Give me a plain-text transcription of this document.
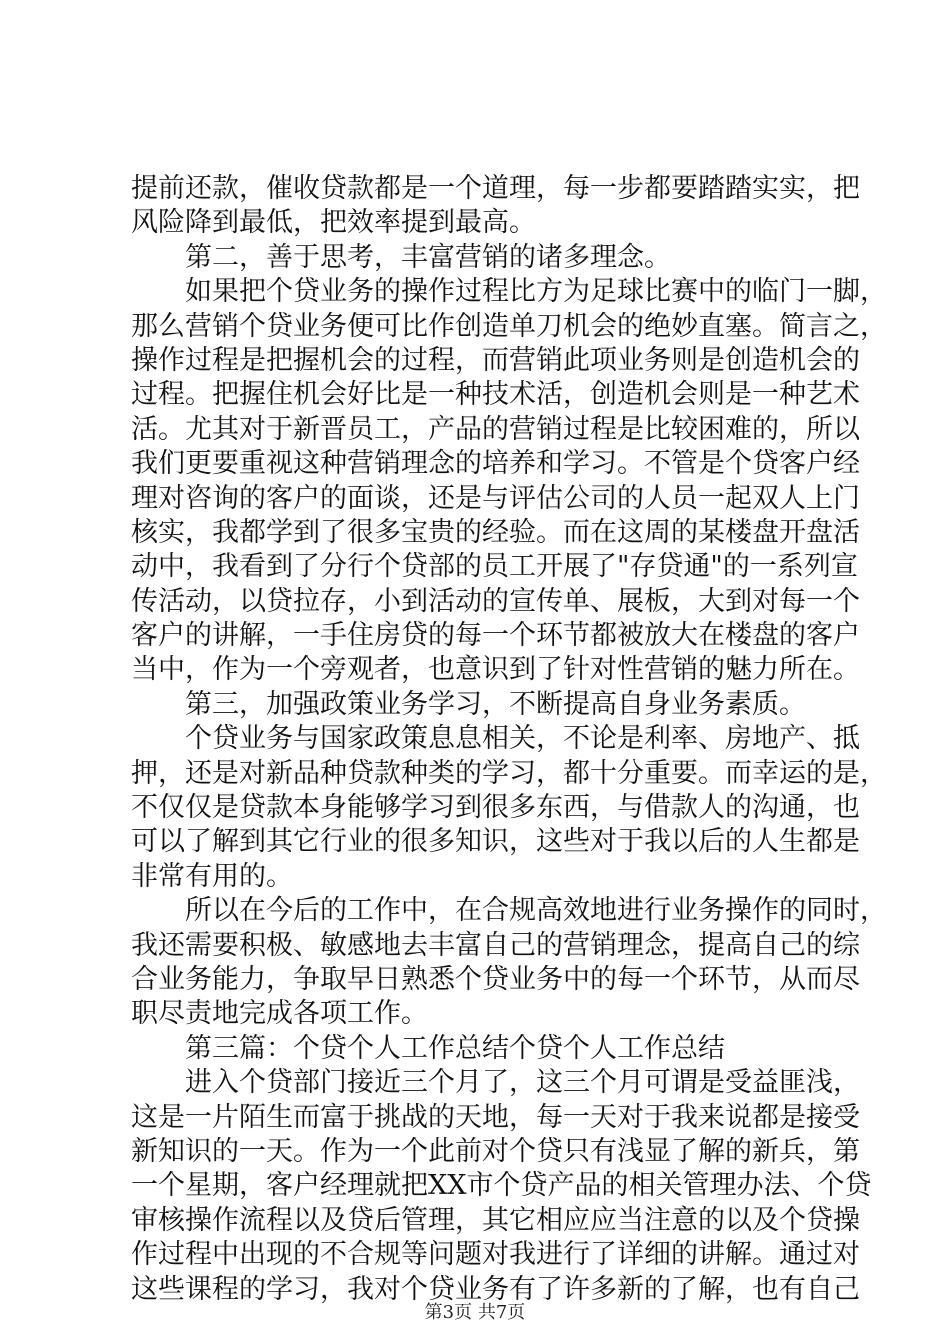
提前还款，催收贷款都是一个道理，每一步都要踏踏实实，把
风险降到最低，把效率提到最高。
第二，善于思考，丰富营销的诸多理念。
如果把个贷业务的操作过程比方为足球比赛中的临门一脚，
那么营销个贷业务便可比作创造单刀机会的绝妙直塞。简言之，
操作过程是把握机会的过程，而营销此项业务则是创造机会的
过程。把握住机会好比是一种技术活，创造机会则是一种艺术
活。尤其对于新晋员工，产品的营销过程是比较困难的，所以
我们更要重视这种营销理念的培养和学习。不管是个贷客户经
理对咨询的客户的面谈，还是与评估公司的人员一起双人上门
核实，我都学到了很多宝贵的经验。而在这周的某楼盘开盘活
动中，我看到了分行个贷部的员工开展了"存贷通"的一系列宣
传活动，以贷拉存，小到活动的宣传单、展板，大到对每一个
客户的讲解，一手住房贷的每一个环节都被放大在楼盘的客户
当中，作为一个旁观者，也意识到了针对性营销的魅力所在。
第三，加强政策业务学习，不断提高自身业务素质。
个贷业务与国家政策息息相关，不论是利率、房地产、抵
押，还是对新品种贷款种类的学习，都十分重要。而幸运的是，
不仅仅是贷款本身能够学习到很多东西，与借款人的沟通，也
可以了解到其它行业的很多知识，这些对于我以后的人生都是
非常有用的。
所以在今后的工作中，在合规高效地进行业务操作的同时，
我还需要积极、敏感地去丰富自己的营销理念，提高自己的综
合业务能力，争取早日熟悉个贷业务中的每一个环节，从而尽
职尽责地完成各项工作。
第三篇：个贷个人工作总结个贷个人工作总结
进入个贷部门接近三个月了，这三个月可谓是受益匪浅，
这是一片陌生而富于挑战的天地，每一天对于我来说都是接受
新知识的一天。作为一个此前对个贷只有浅显了解的新兵，第
一个星期，客户经理就把XX市个贷产品的相关管理办法、个贷
审核操作流程以及贷后管理，其它相应应当注意的以及个贷操
作过程中出现的不合规等问题对我进行了详细的讲解。通过对
这些课程的学习，我对个贷业务有了许多新的了解，也有自己
第3页 共7页
